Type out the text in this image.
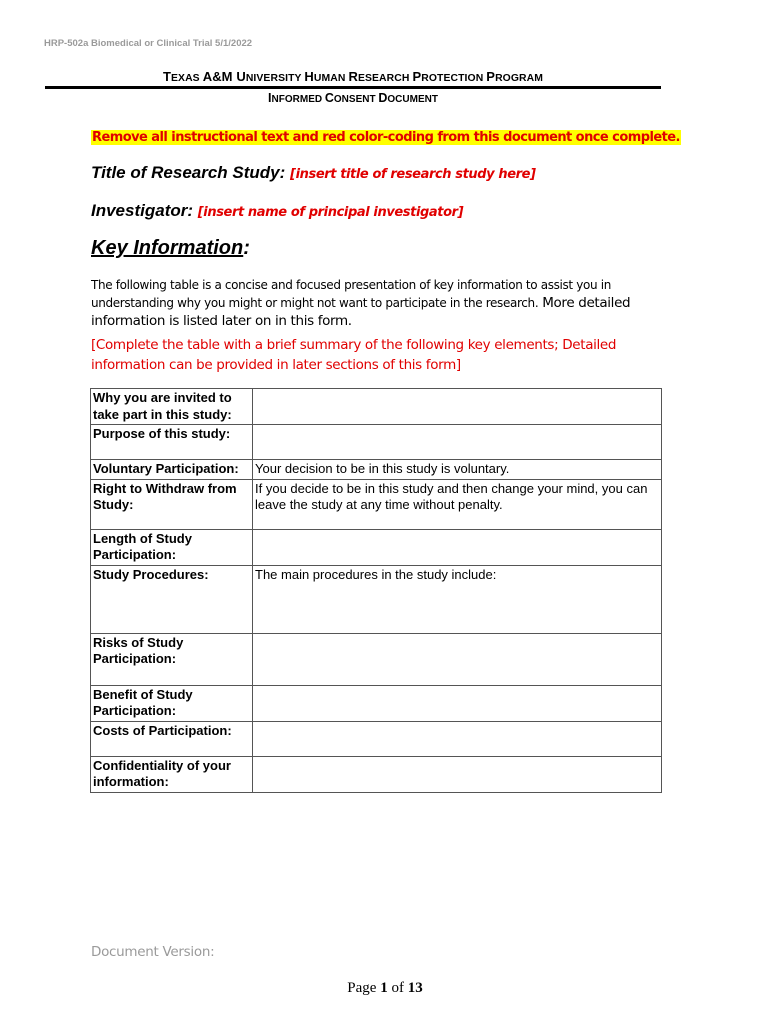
HRP-502a Biomedical or Clinical Trial 5/1/2022
TEXAS A&M UNIVERSITY HUMAN RESEARCH PROTECTION PROGRAM
INFORMED CONSENT DOCUMENT
Remove all instructional text and red color-coding from this document once complete.
Title of Research Study: [insert title of research study here]
Investigator: [insert name of principal investigator]
Key Information:
The following table is a concise and focused presentation of key information to assist you in understanding why you might or might not want to participate in the research. More detailed information is listed later on in this form.
[Complete the table with a brief summary of the following key elements; Detailed information can be provided in later sections of this form]
Why you are invited to take part in this study:	
Purpose of this study:	
Voluntary Participation:	Your decision to be in this study is voluntary.
Right to Withdraw from Study:	If you decide to be in this study and then change your mind, you can leave the study at any time without penalty.
Length of Study Participation:	
Study Procedures:	The main procedures in the study include:
Risks of Study Participation:	
Benefit of Study Participation:	
Costs of Participation:	
Confidentiality of your information:	
Document Version:
Page 1 of 13
